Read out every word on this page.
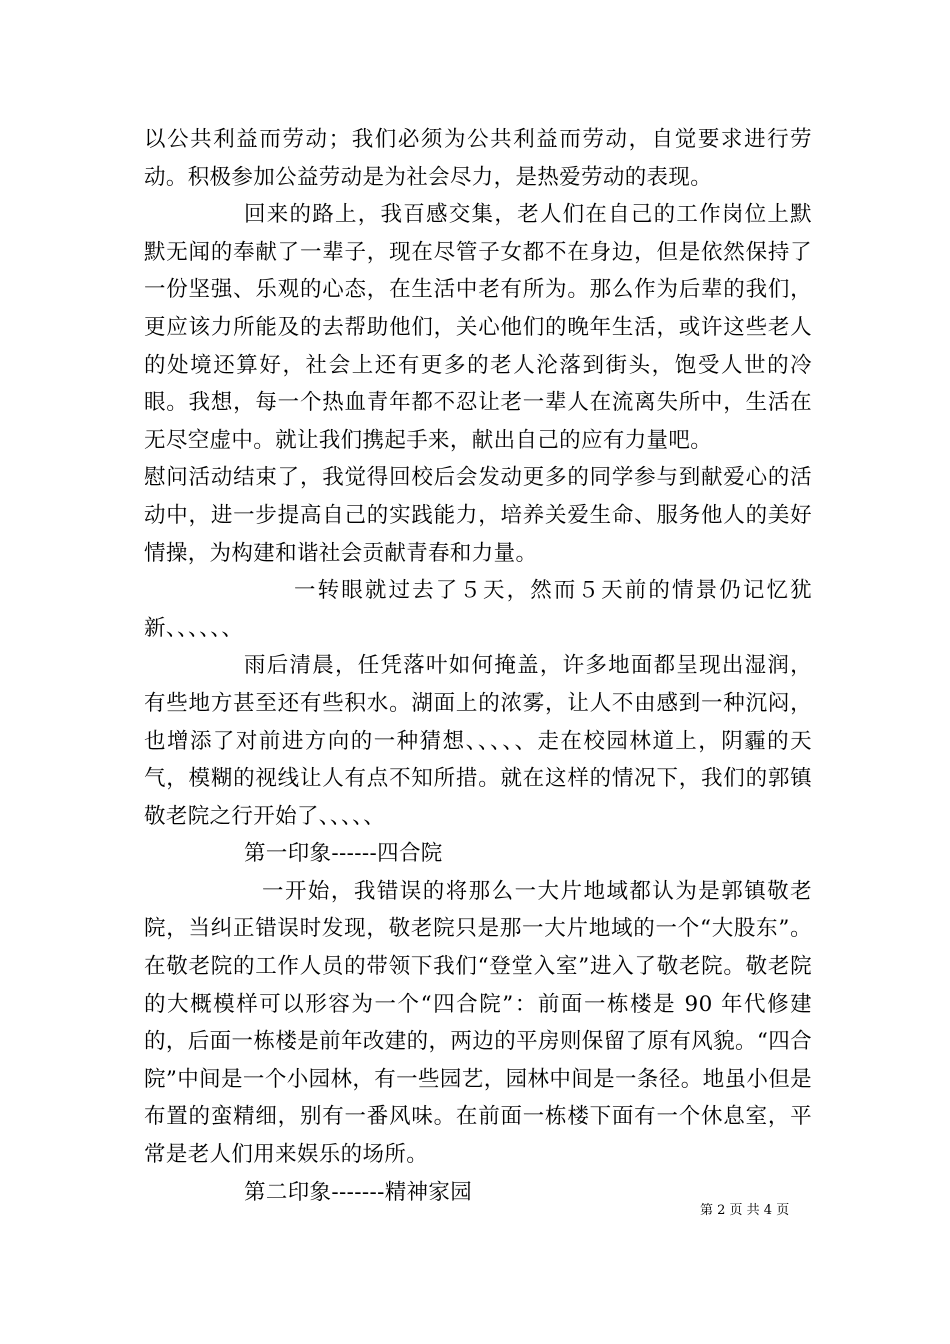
以公共利益而劳动；我们必须为公共利益而劳动，自觉要求进行劳动。积极参加公益劳动是为社会尽力，是热爱劳动的表现。

回来的路上，我百感交集，老人们在自己的工作岗位上默默无闻的奉献了一辈子，现在尽管子女都不在身边，但是依然保持了一份坚强、乐观的心态，在生活中老有所为。那么作为后辈的我们，更应该力所能及的去帮助他们，关心他们的晚年生活，或许这些老人的处境还算好，社会上还有更多的老人沦落到街头，饱受人世的冷眼。我想，每一个热血青年都不忍让老一辈人在流离失所中，生活在无尽空虚中。就让我们携起手来，献出自己的应有力量吧。

慰问活动结束了，我觉得回校后会发动更多的同学参与到献爱心的活动中，进一步提高自己的实践能力，培养关爱生命、服务他人的美好情操，为构建和谐社会贡献青春和力量。

一转眼就过去了５天，然而５天前的情景仍记忆犹新、、、、、、

雨后清晨，任凭落叶如何掩盖，许多地面都呈现出湿润，有些地方甚至还有些积水。湖面上的浓雾，让人不由感到一种沉闷，也增添了对前进方向的一种猜想、、、、、走在校园林道上，阴霾的天气，模糊的视线让人有点不知所措。就在这样的情况下，我们的郭镇敬老院之行开始了、、、、、

第一印象------四合院

一开始，我错误的将那么一大片地域都认为是郭镇敬老院，当纠正错误时发现，敬老院只是那一大片地域的一个“大股东”。在敬老院的工作人员的带领下我们“登堂入室”进入了敬老院。敬老院的大概模样可以形容为一个“四合院”：前面一栋楼是 90 年代修建的，后面一栋楼是前年改建的，两边的平房则保留了原有风貌。“四合院”中间是一个小园林，有一些园艺，园林中间是一条径。地虽小但是布置的蛮精细，别有一番风味。在前面一栋楼下面有一个休息室，平常是老人们用来娱乐的场所。

第二印象-------精神家园

第 2 页 共 4 页
